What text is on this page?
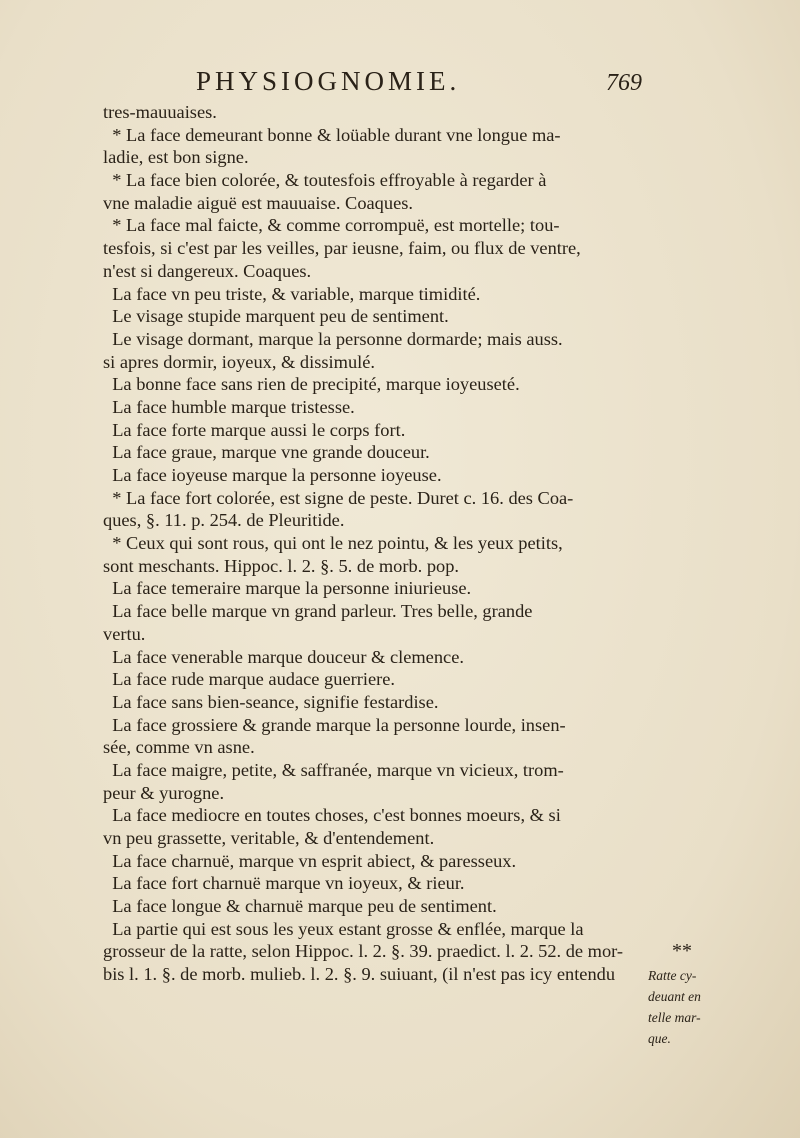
PHYSIOGNOMIE.	769
tres-mauuaises.
* La face demeurant bonne & loüable durant vne longue ma-
ladie, est bon signe.
* La face bien colorée, & toutesfois effroyable à regarder à
vne maladie aiguë est mauuaise. Coaques.
* La face mal faicte, & comme corrompuë, est mortelle; tou-
tesfois, si c'est par les veilles, par ieusne, faim, ou flux de ventre,
n'est si dangereux. Coaques.
La face vn peu triste, & variable, marque timidité.
Le visage stupide marquent peu de sentiment.
Le visage dormant, marque la personne dormarde; mais auss.
si apres dormir, ioyeux, & dissimulé.
La bonne face sans rien de precipité, marque ioyeuseté.
La face humble marque tristesse.
La face forte marque aussi le corps fort.
La face graue, marque vne grande douceur.
La face ioyeuse marque la personne ioyeuse.
* La face fort colorée, est signe de peste. Duret c. 16. des Coa-
ques, §. 11. p. 254. de Pleuritide.
* Ceux qui sont rous, qui ont le nez pointu, & les yeux petits,
sont meschants. Hippoc. l. 2. §. 5. de morb. pop.
La face temeraire marque la personne iniurieuse.
La face belle marque vn grand parleur. Tres belle, grande
vertu.
La face venerable marque douceur & clemence.
La face rude marque audace guerriere.
La face sans bien-seance, signifie festardise.
La face grossiere & grande marque la personne lourde, insen-
sée, comme vn asne.
La face maigre, petite, & saffranée, marque vn vicieux, trom-
peur & yurogne.
La face mediocre en toutes choses, c'est bonnes moeurs, & si
vn peu grassette, veritable, & d'entendement.
La face charnuë, marque vn esprit abiect, & paresseux.
La face fort charnuë marque vn ioyeux, & rieur.
La face longue & charnuë marque peu de sentiment.
La partie qui est sous les yeux estant grosse & enflée, marque la
grosseur de la ratte, selon Hippoc. l. 2. §. 39. praedict. l. 2. 52. de mor-
bis l. 1. §. de morb. mulieb. l. 2. §. 9. suiuant, (il n'est pas icy entendu
**
Ratte cy-
deuant en
telle mar-
que.
